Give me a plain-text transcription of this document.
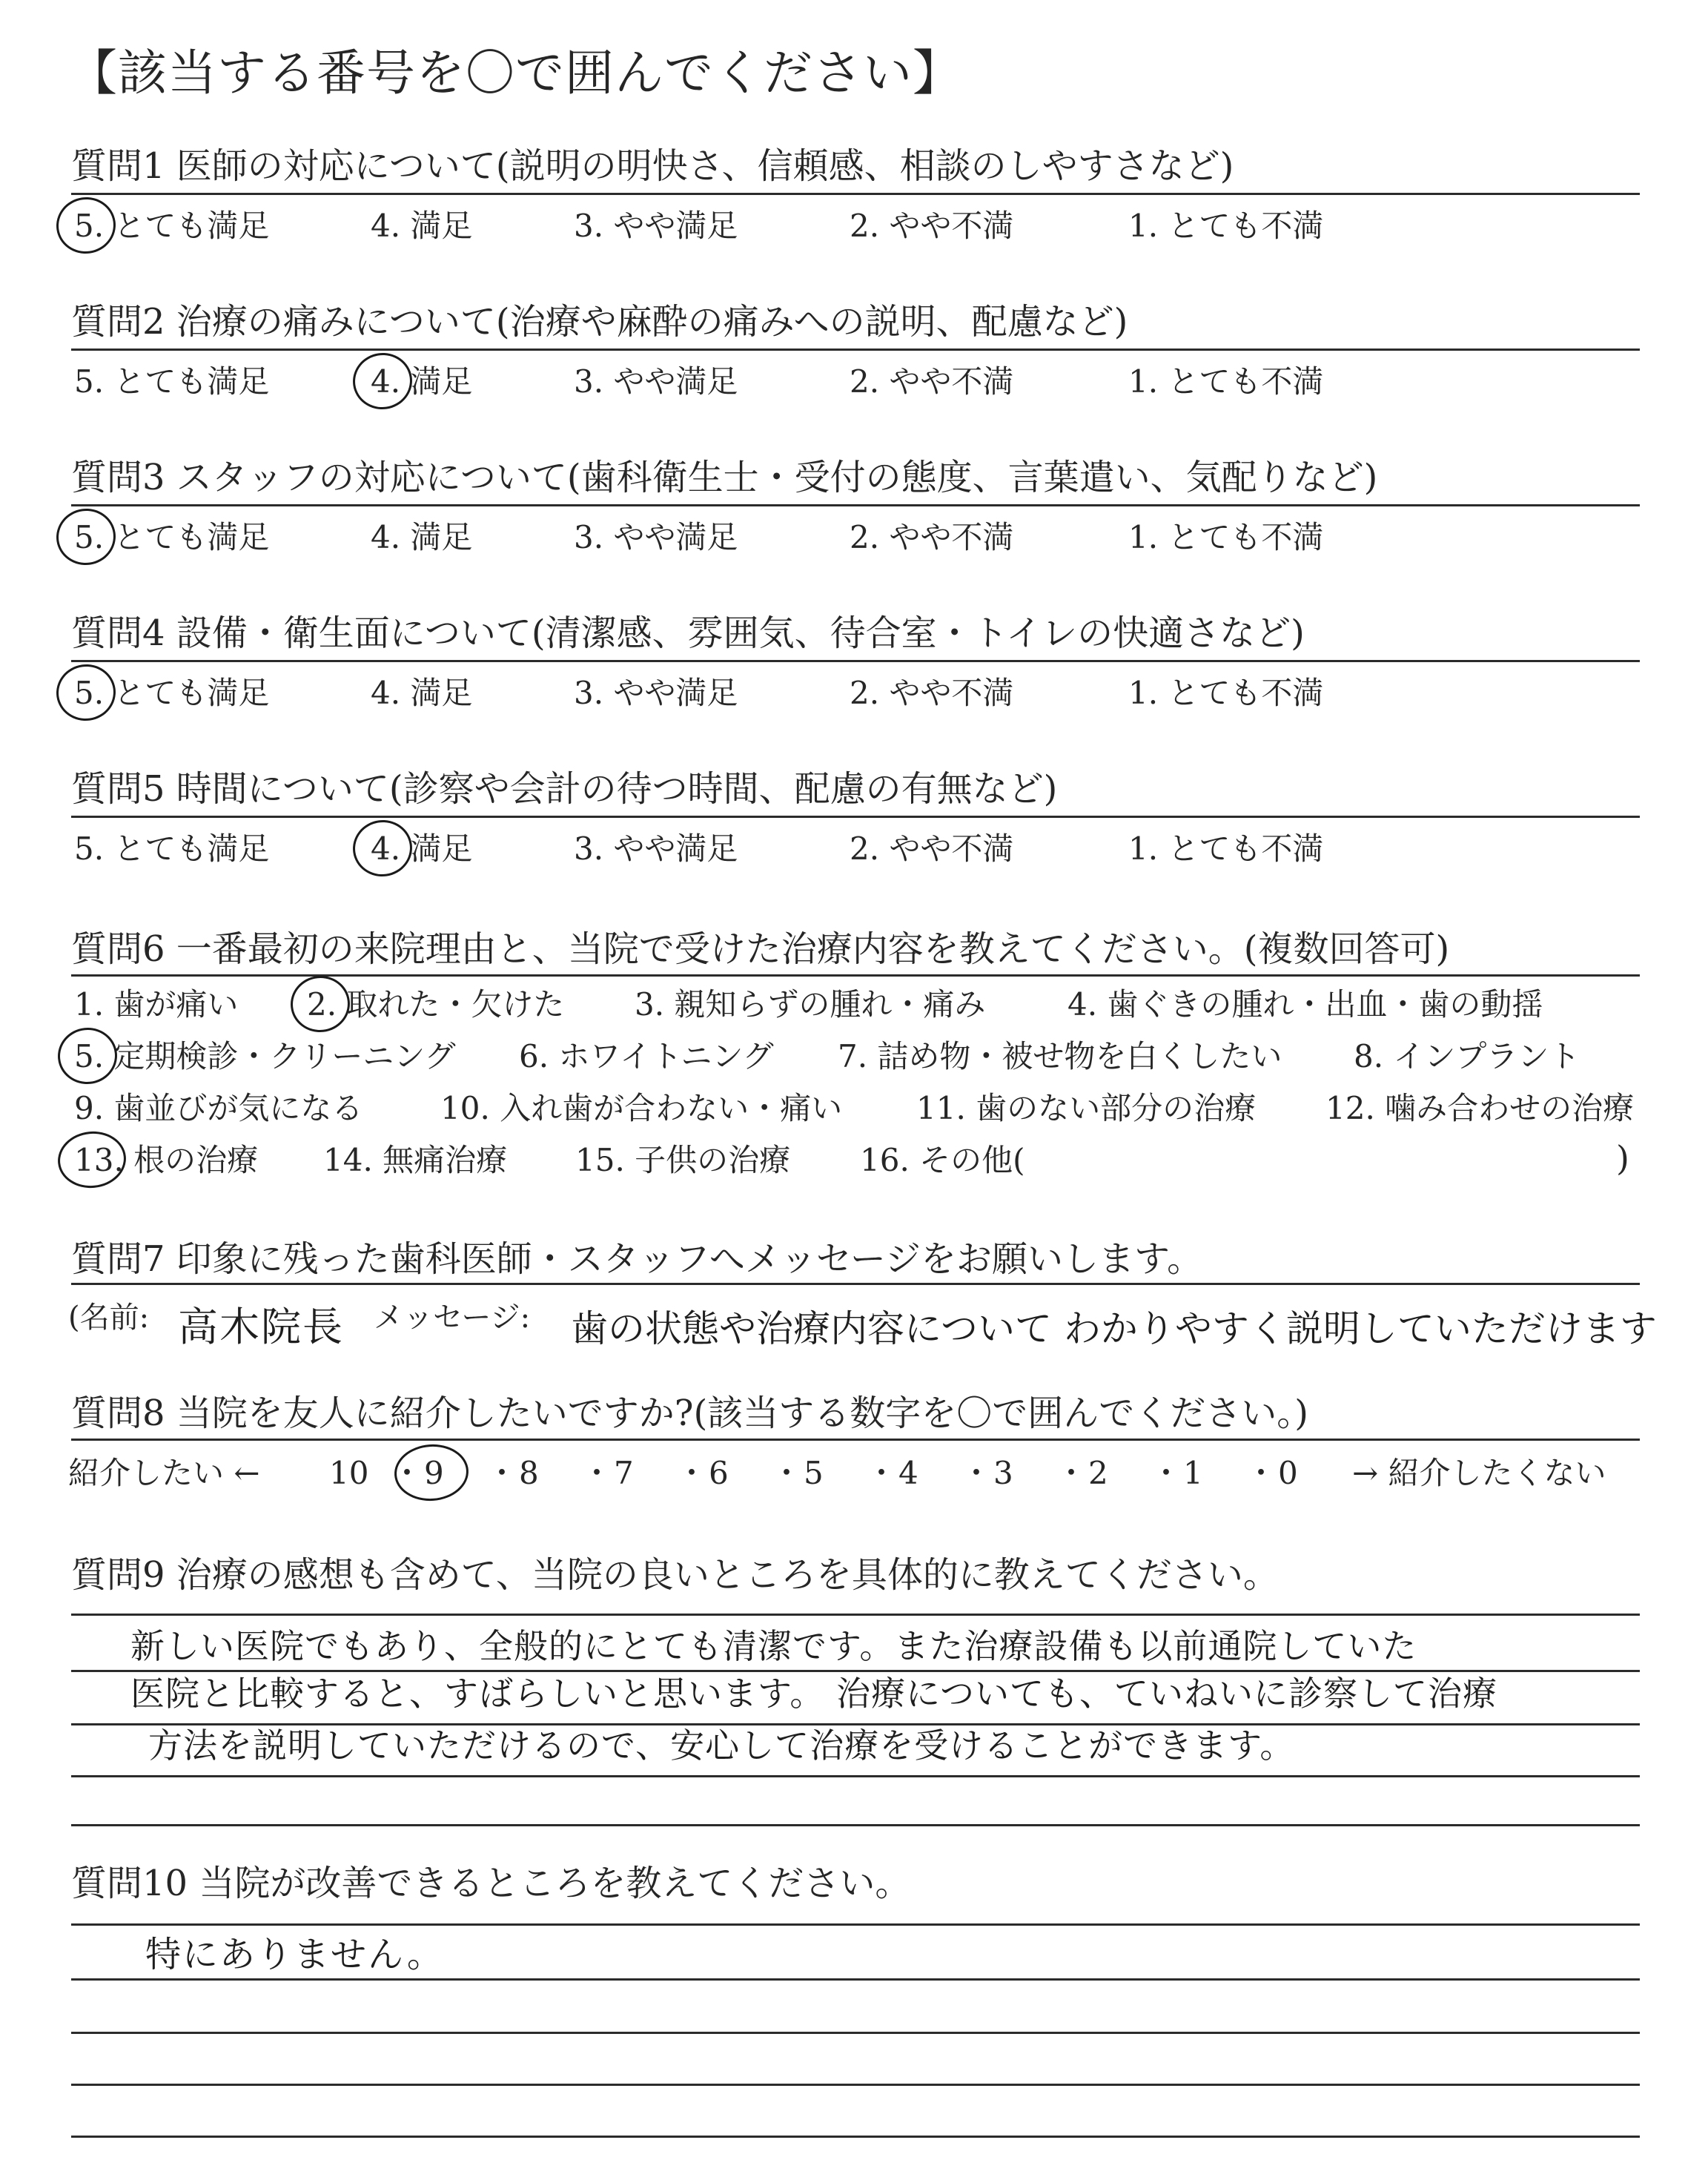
【該当する番号を〇で囲んでください】
質問6 一番最初の来院理由と、当院で受けた治療内容を教えてください。(複数回答可)
)
質問7 印象に残った歯科医師・スタッフへメッセージをお願いします。
(名前: 高木院長 メッセージ: 歯の状態や治療内容について わかりやすく説明していただけます
質問8 当院を友人に紹介したいですか?(該当する数字を〇で囲んでください。)
紹介したい ←	→ 紹介したくない
質問9 治療の感想も含めて、当院の良いところを具体的に教えてください。
質問10 当院が改善できるところを教えてください。
質問1 医師の対応について(説明の明快さ、信頼感、相談のしやすさなど)
5. とても満足	4. 満足	3. やや満足	2. やや不満	1. とても不満
質問2 治療の痛みについて(治療や麻酔の痛みへの説明、配慮など)
5. とても満足	4. 満足	3. やや満足	2. やや不満	1. とても不満
質問3 スタッフの対応について(歯科衛生士・受付の態度、言葉遣い、気配りなど)
5. とても満足	4. 満足	3. やや満足	2. やや不満	1. とても不満
質問4 設備・衛生面について(清潔感、雰囲気、待合室・トイレの快適さなど)
5. とても満足	4. 満足	3. やや満足	2. やや不満	1. とても不満
質問5 時間について(診察や会計の待つ時間、配慮の有無など)
5. とても満足	4. 満足	3. やや満足	2. やや不満	1. とても不満
1. 歯が痛い 2. 取れた・欠けた 3. 親知らずの腫れ・痛み	4. 歯ぐきの腫れ・出血・歯の動揺
5. 定期検診・クリーニング 6. ホワイトニング 7. 詰め物・被せ物を白くしたい 8. インプラント
9. 歯並びが気になる 10. 入れ歯が合わない・痛い 11. 歯のない部分の治療 12. 噛み合わせの治療
13. 根の治療 14. 無痛治療 15. 子供の治療 16. その他(
10 ・ 9 ・ 8 ・ 7 ・ 6 ・ 5 ・ 4 ・ 3 ・ 2 ・ 1 ・ 0
新しい医院でもあり、全般的にとても清潔です。また治療設備も以前通院していた
医院と比較すると、すばらしいと思います。 治療についても、ていねいに診察して治療
方法を説明していただけるので、安心して治療を受けることができます。
特にありません。
